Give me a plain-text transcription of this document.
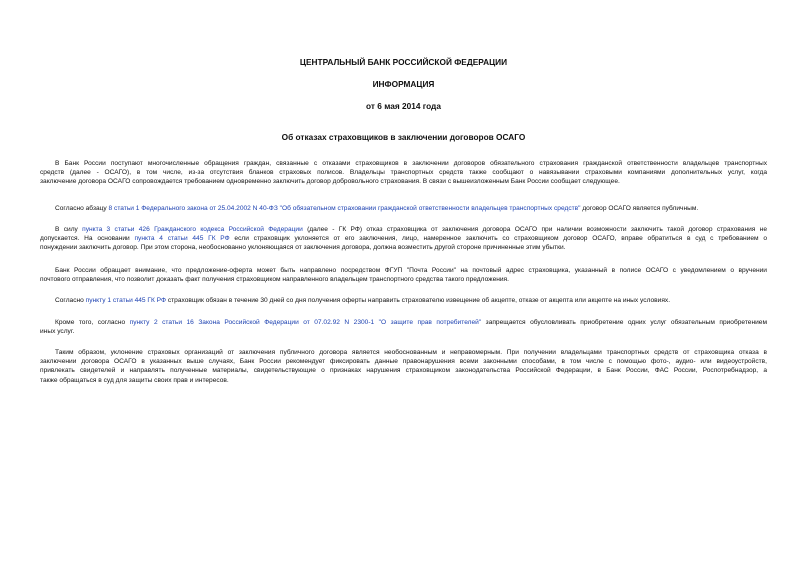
ЦЕНТРАЛЬНЫЙ БАНК РОССИЙСКОЙ ФЕДЕРАЦИИ
ИНФОРМАЦИЯ
от 6 мая 2014 года
Об отказах страховщиков в заключении договоров ОСАГО
В Банк России поступают многочисленные обращения граждан, связанные с отказами страховщиков в заключении договоров обязательного страхования гражданской ответственности владельцев транспортных
средств (далее - ОСАГО), в том числе, из-за отсутствия бланков страховых полисов. Владельцы транспортных средств также сообщают о навязывании страховыми компаниями дополнительных услуг, когда
заключение договора ОСАГО сопровождается требованием одновременно заключить договор добровольного страхования. В связи с вышеизложенным Банк России сообщает следующее.
Согласно абзацу 8 статьи 1 Федерального закона от 25.04.2002 N 40-ФЗ "Об обязательном страховании гражданской ответственности владельцев транспортных средств" договор ОСАГО является публичным.
В силу пункта 3 статьи 426 Гражданского кодекса Российской Федерации (далее - ГК РФ) отказ страховщика от заключения договора ОСАГО при наличии возможности заключить такой договор страхования не
допускается. На основании пункта 4 статьи 445 ГК РФ если страховщик уклоняется от его заключения, лицо, намеренное заключить со страховщиком договор ОСАГО, вправе обратиться в суд с требованием о
понуждении заключить договор. При этом сторона, необоснованно уклоняющаяся от заключения договора, должна возместить другой стороне причиненные этим убытки.
Банк России обращает внимание, что предложение-оферта может быть направлено посредством ФГУП "Почта России" на почтовый адрес страховщика, указанный в полисе ОСАГО с уведомлением о вручении
почтового отправления, что позволит доказать факт получения страховщиком направленного владельцем транспортного средства такого предложения.
Согласно пункту 1 статьи 445 ГК РФ страховщик обязан в течение 30 дней со дня получения оферты направить страхователю извещение об акцепте, отказе от акцепта или акцепте на иных условиях.
Кроме того, согласно пункту 2 статьи 16 Закона Российской Федерации от 07.02.92 N 2300-1 "О защите прав потребителей" запрещается обусловливать приобретение одних услуг обязательным приобретением
иных услуг.
Таким образом, уклонение страховых организаций от заключения публичного договора является необоснованным и неправомерным. При получении владельцами транспортных средств от страховщика отказа в
заключении договора ОСАГО в указанных выше случаях, Банк России рекомендует фиксировать данные правонарушения всеми законными способами, в том числе с помощью фото-, аудио- или видеоустройств,
привлекать свидетелей и направлять полученные материалы, свидетельствующие о признаках нарушения страховщиком законодательства Российской Федерации, в Банк России, ФАС России, Роспотребнадзор, а
также обращаться в суд для защиты своих прав и интересов.
